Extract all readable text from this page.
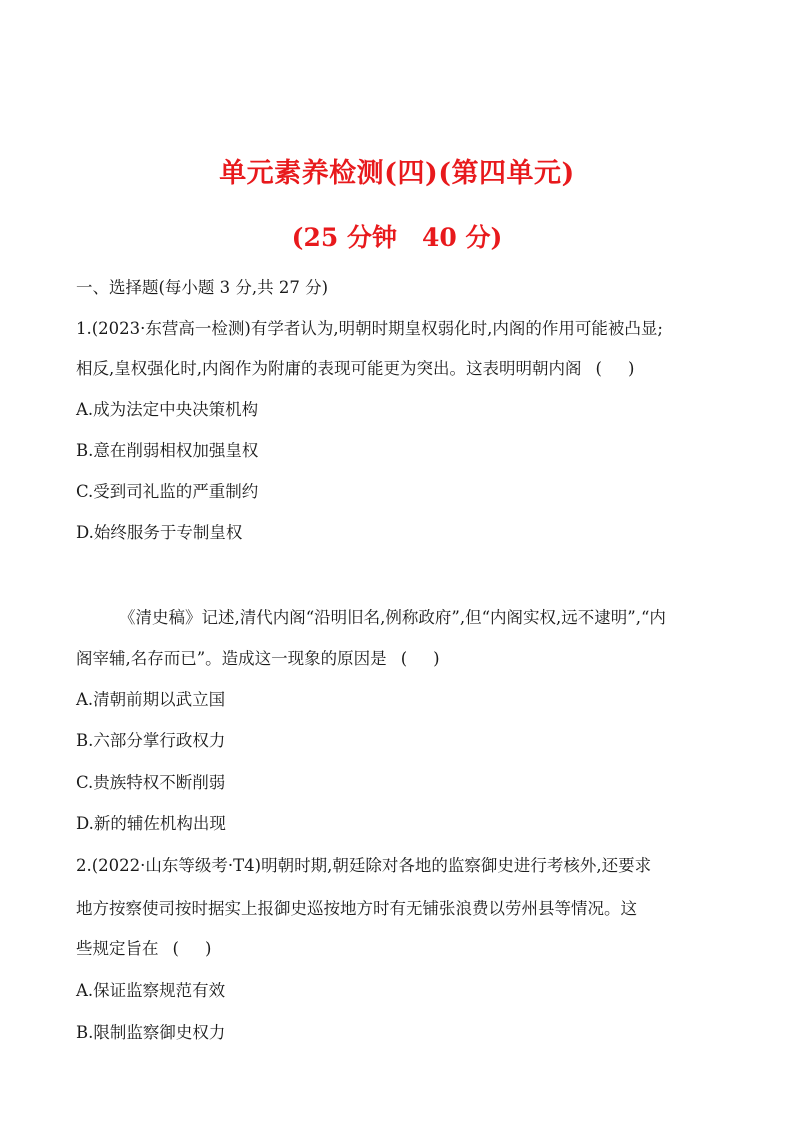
单元素养检测(四)(第四单元)
(25 分钟　40 分)
一、选择题(每小题 3 分,共 27 分)
1.(2023·东营高一检测)有学者认为,明朝时期皇权弱化时,内阁的作用可能被凸显;
相反,皇权强化时,内阁作为附庸的表现可能更为突出。这表明明朝内阁 ( )
A.成为法定中央决策机构
B.意在削弱相权加强皇权
C.受到司礼监的严重制约
D.始终服务于专制皇权
《清史稿》记述,清代内阁“沿明旧名,例称政府”,但“内阁实权,远不逮明”,“内
阁宰辅,名存而已”。造成这一现象的原因是 ( )
A.清朝前期以武立国
B.六部分掌行政权力
C.贵族特权不断削弱
D.新的辅佐机构出现
2.(2022·山东等级考·T4)明朝时期,朝廷除对各地的监察御史进行考核外,还要求
地方按察使司按时据实上报御史巡按地方时有无铺张浪费以劳州县等情况。这
些规定旨在 ( )
A.保证监察规范有效
B.限制监察御史权力
